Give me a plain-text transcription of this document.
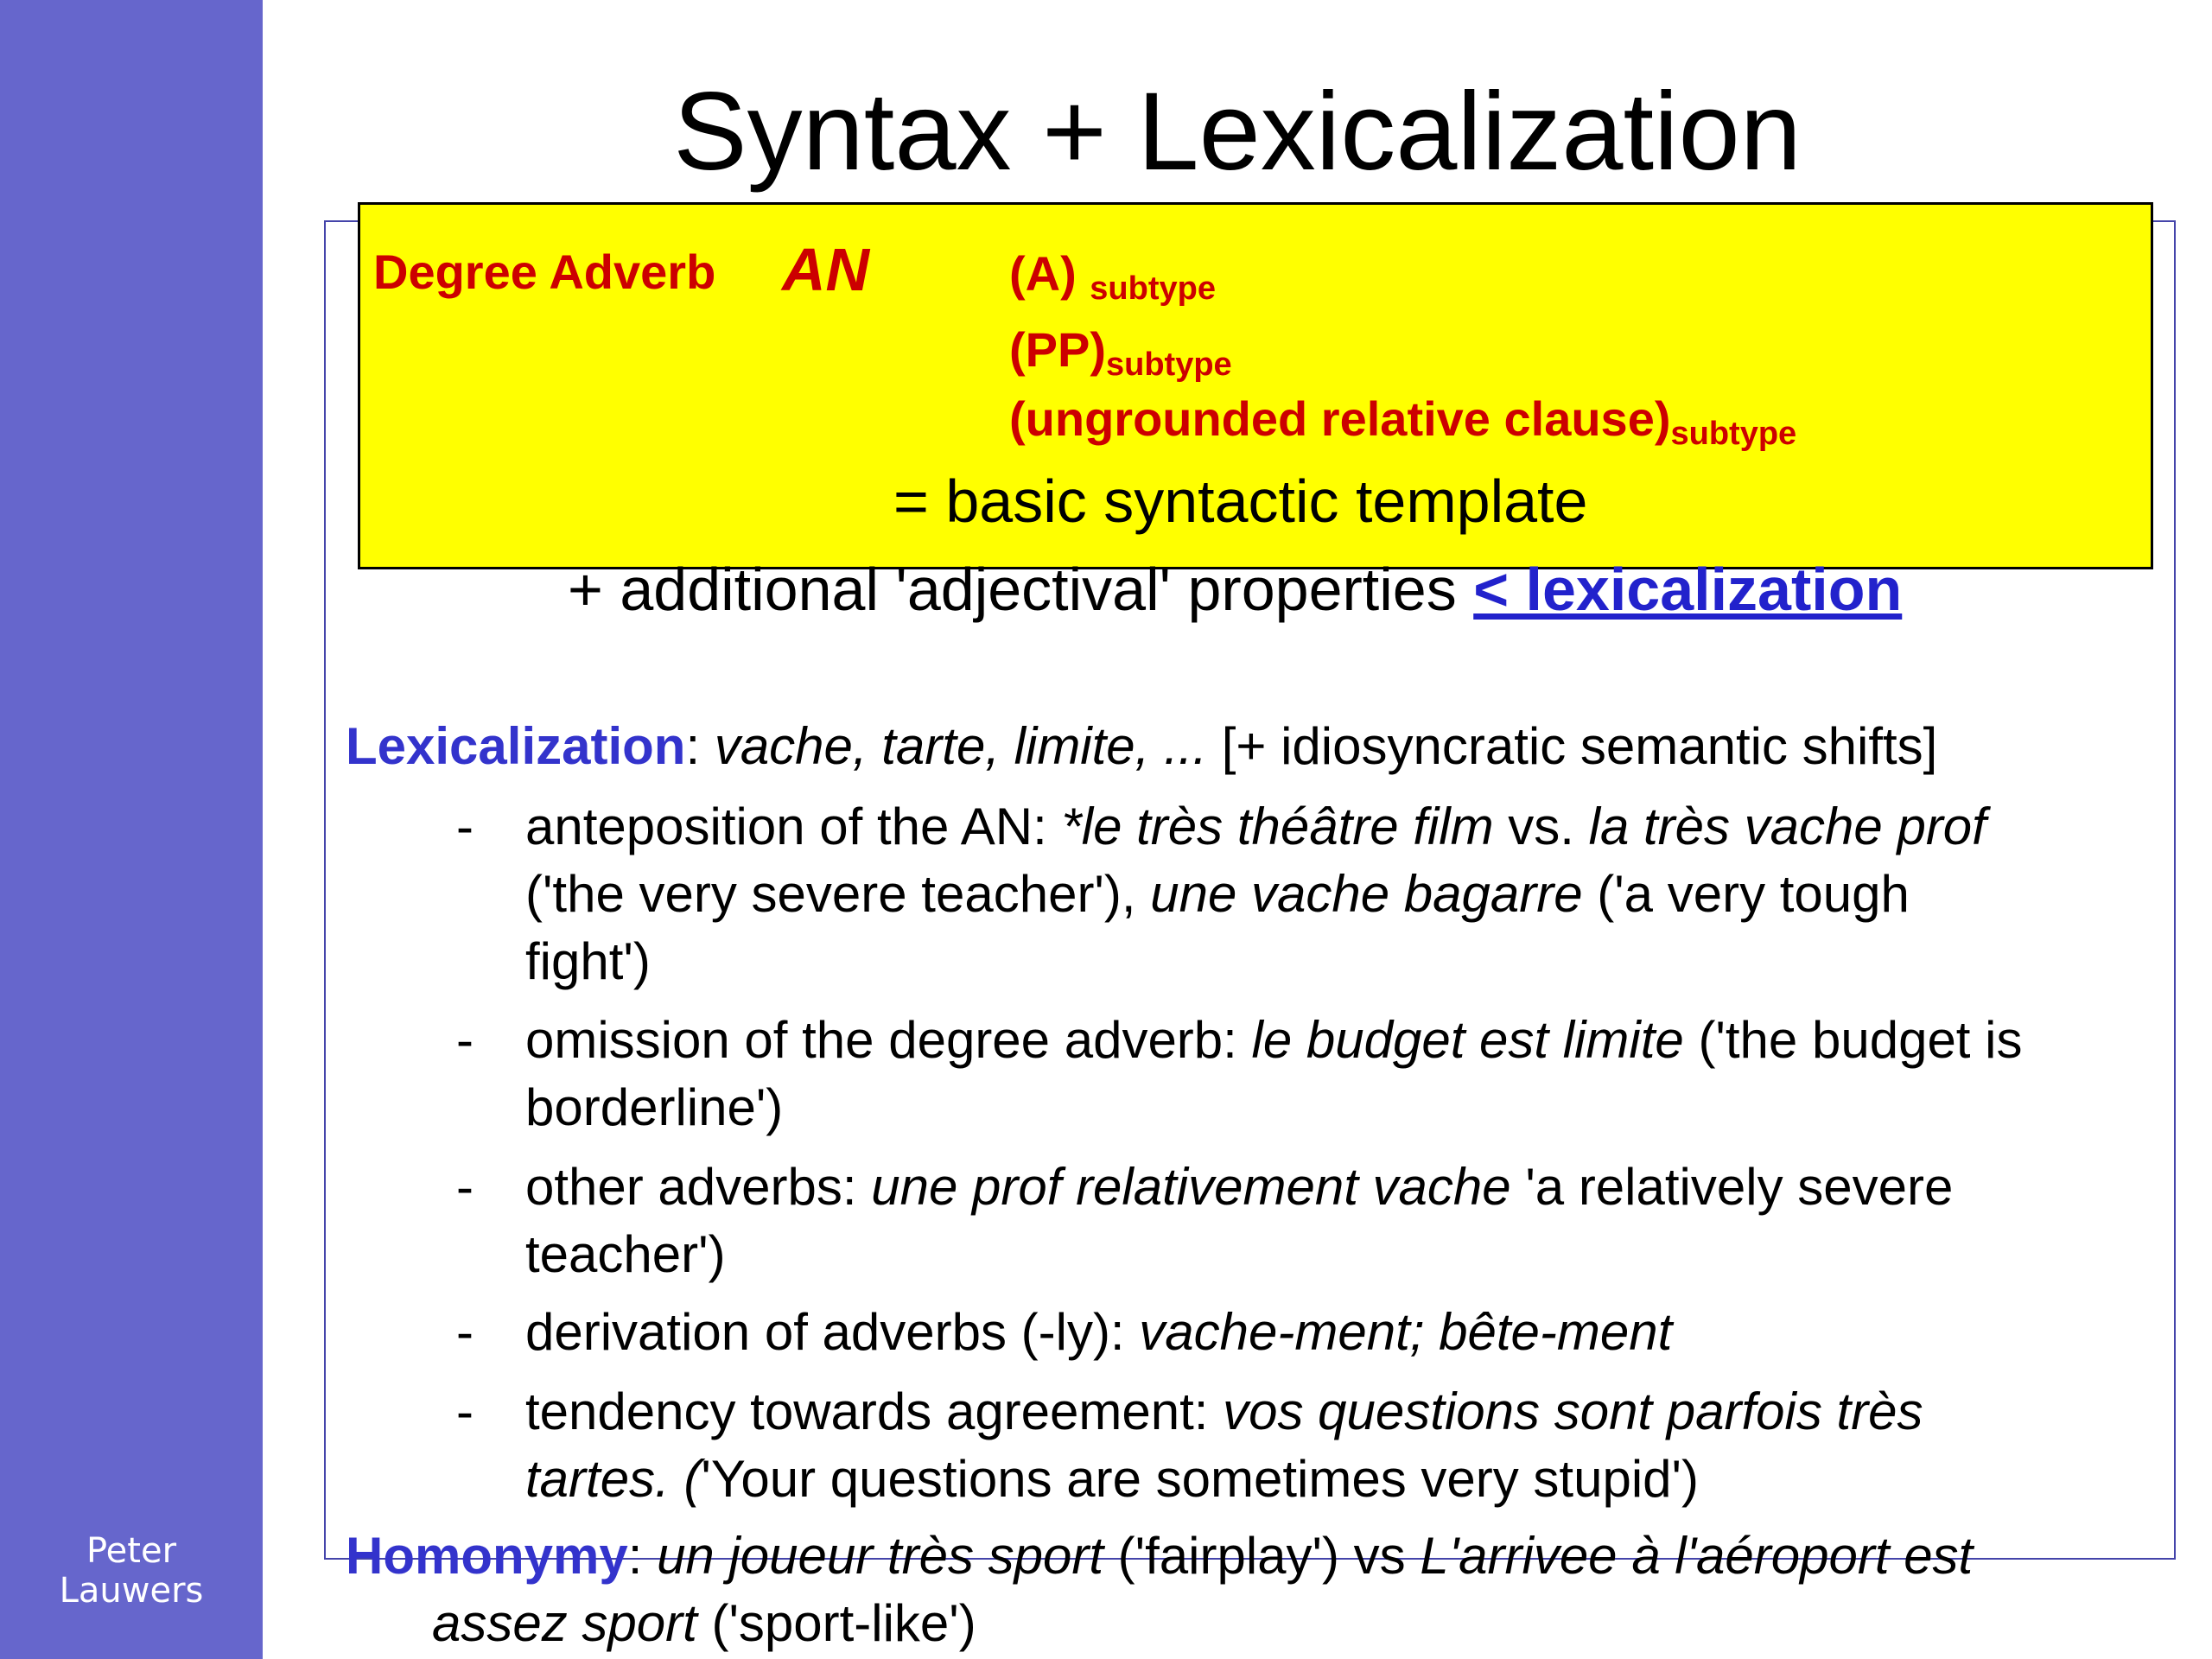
Peter
Lauwers
Syntax + Lexicalization
Degree Adverb AN	(A) $_{subtype}$
$(PP)_{subtype}$
(ungrounded relative $clause)_{subtype}$
= basic syntactic template
+ additional 'adjectival' properties < lexicalization
Lexicalization: vache, tarte, limite, ... [+ idiosyncratic semantic shifts]
- anteposition of the AN: *le très théâtre film vs. la très vache prof
('the very severe teacher'), une vache bagarre ('a very tough
fight')
- omission of the degree adverb: le budget est limite ('the budget is
borderline')
- other adverbs: une prof relativement vache 'a relatively severe
teacher')
- derivation of adverbs (-ly): vache-ment; bête-ment
- tendency towards agreement: vos questions sont parfois très
tartes. ('Your questions are sometimes very stupid')
Homonymy: un joueur très sport ('fairplay') vs L'arrivee à l'aéroport est
assez sport ('sport-like')
